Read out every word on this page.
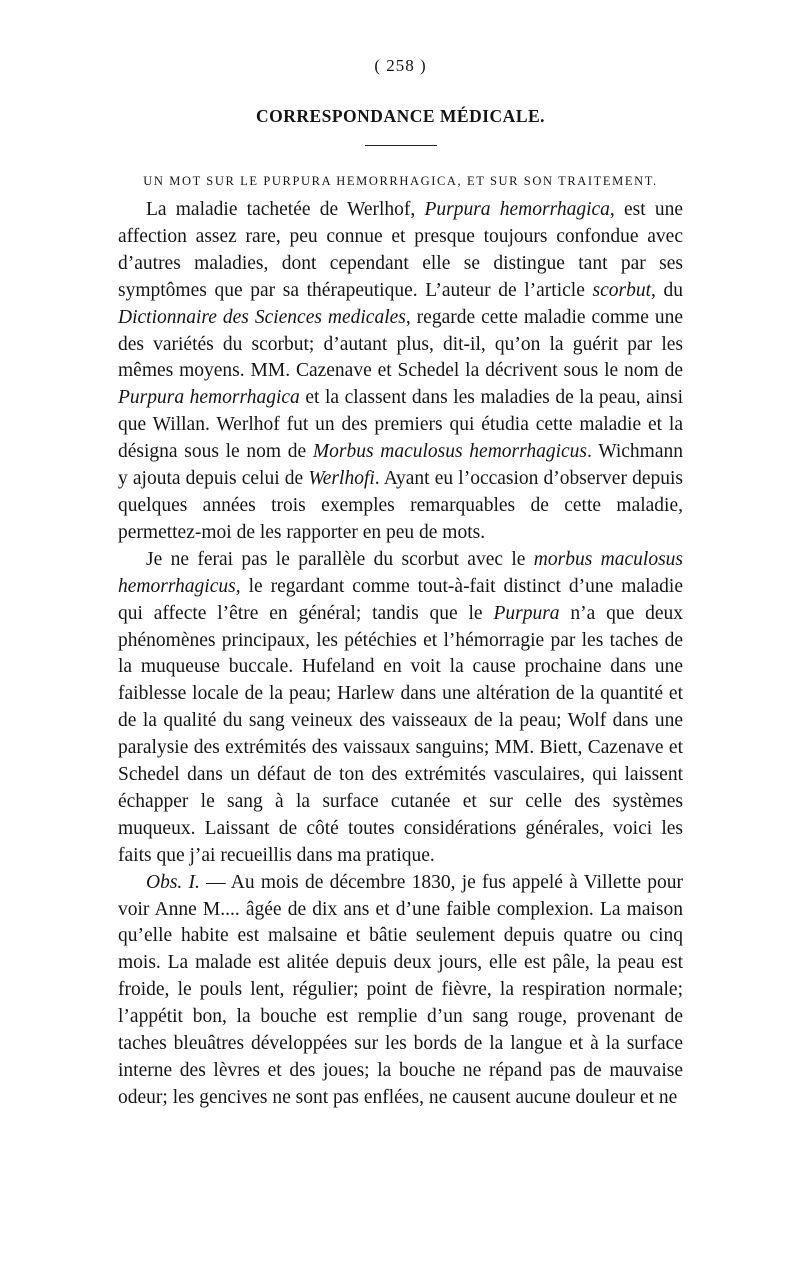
( 258 )
CORRESPONDANCE MÉDICALE.
UN MOT SUR LE PURPURA HEMORRHAGICA, ET SUR SON TRAITEMENT.

La maladie tachetée de Werlhof, Purpura hemorrhagica, est une affection assez rare, peu connue et presque toujours confondue avec d’autres maladies, dont cependant elle se distingue tant par ses symptômes que par sa thérapeutique. L’auteur de l’article scorbut, du Dictionnaire des Sciences medicales, regarde cette maladie comme une des variétés du scorbut; d’autant plus, dit-il, qu’on la guérit par les mêmes moyens. MM. Cazenave et Schedel la décrivent sous le nom de Purpura hemorrhagica et la classent dans les maladies de la peau, ainsi que Willan. Werlhof fut un des premiers qui étudia cette maladie et la désigna sous le nom de Morbus maculosus hemorrhagicus. Wichmann y ajouta depuis celui de Werlhofi. Ayant eu l’occasion d’observer depuis quelques années trois exemples remarquables de cette maladie, permettez-moi de les rapporter en peu de mots.

Je ne ferai pas le parallèle du scorbut avec le morbus maculosus hemorrhagicus, le regardant comme tout-à-fait distinct d’une maladie qui affecte l’être en général; tandis que le Purpura n’a que deux phénomènes principaux, les pétéchies et l’hémorragie par les taches de la muqueuse buccale. Hufeland en voit la cause prochaine dans une faiblesse locale de la peau; Harlew dans une altération de la quantité et de la qualité du sang veineux des vaisseaux de la peau; Wolf dans une paralysie des extrémités des vaissaux sanguins; MM. Biett, Cazenave et Schedel dans un défaut de ton des extrémités vasculaires, qui laissent échapper le sang à la surface cutanée et sur celle des systèmes muqueux. Laissant de côté toutes considérations générales, voici les faits que j’ai recueillis dans ma pratique.

Obs. I. — Au mois de décembre 1830, je fus appelé à Villette pour voir Anne M.... âgée de dix ans et d’une faible complexion. La maison qu’elle habite est malsaine et bâtie seulement depuis quatre ou cinq mois. La malade est alitée depuis deux jours, elle est pâle, la peau est froide, le pouls lent, régulier; point de fièvre, la respiration normale; l’appétit bon, la bouche est remplie d’un sang rouge, provenant de taches bleuâtres développées sur les bords de la langue et à la surface interne des lèvres et des joues; la bouche ne répand pas de mauvaise odeur; les gencives ne sont pas enflées, ne causent aucune douleur et ne
